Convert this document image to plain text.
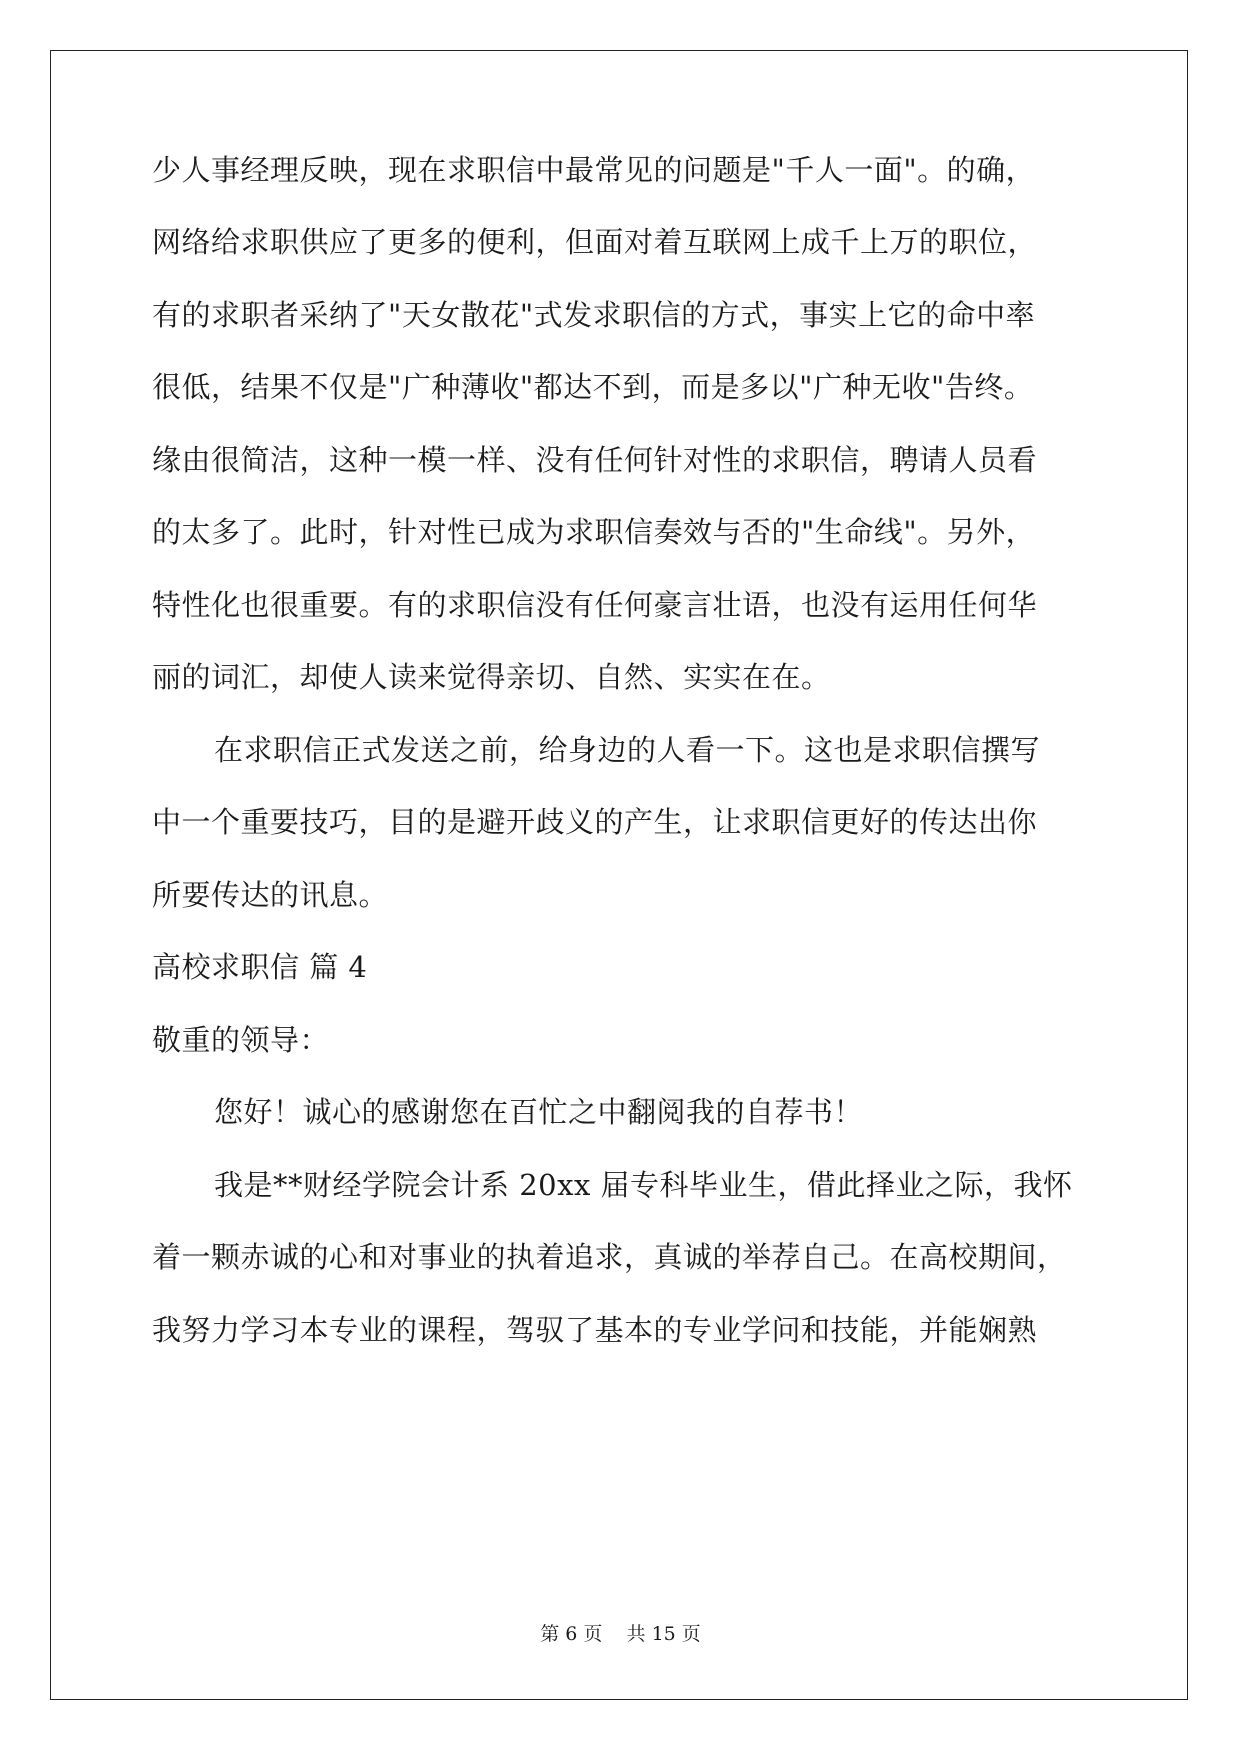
少人事经理反映，现在求职信中最常见的问题是"千人一面"。的确，
网络给求职供应了更多的便利，但面对着互联网上成千上万的职位，
有的求职者采纳了"天女散花"式发求职信的方式，事实上它的命中率
很低，结果不仅是"广种薄收"都达不到，而是多以"广种无收"告终。
缘由很简洁，这种一模一样、没有任何针对性的求职信，聘请人员看
的太多了。此时，针对性已成为求职信奏效与否的"生命线"。另外，
特性化也很重要。有的求职信没有任何豪言壮语，也没有运用任何华
丽的词汇，却使人读来觉得亲切、自然、实实在在。
在求职信正式发送之前，给身边的人看一下。这也是求职信撰写
中一个重要技巧，目的是避开歧义的产生，让求职信更好的传达出你
所要传达的讯息。
高校求职信 篇 4
敬重的领导：
您好！诚心的感谢您在百忙之中翻阅我的自荐书！
我是**财经学院会计系 20xx 届专科毕业生，借此择业之际，我怀
着一颗赤诚的心和对事业的执着追求，真诚的举荐自己。在高校期间，
我努力学习本专业的课程，驾驭了基本的专业学问和技能，并能娴熟
第 6 页    共 15 页
